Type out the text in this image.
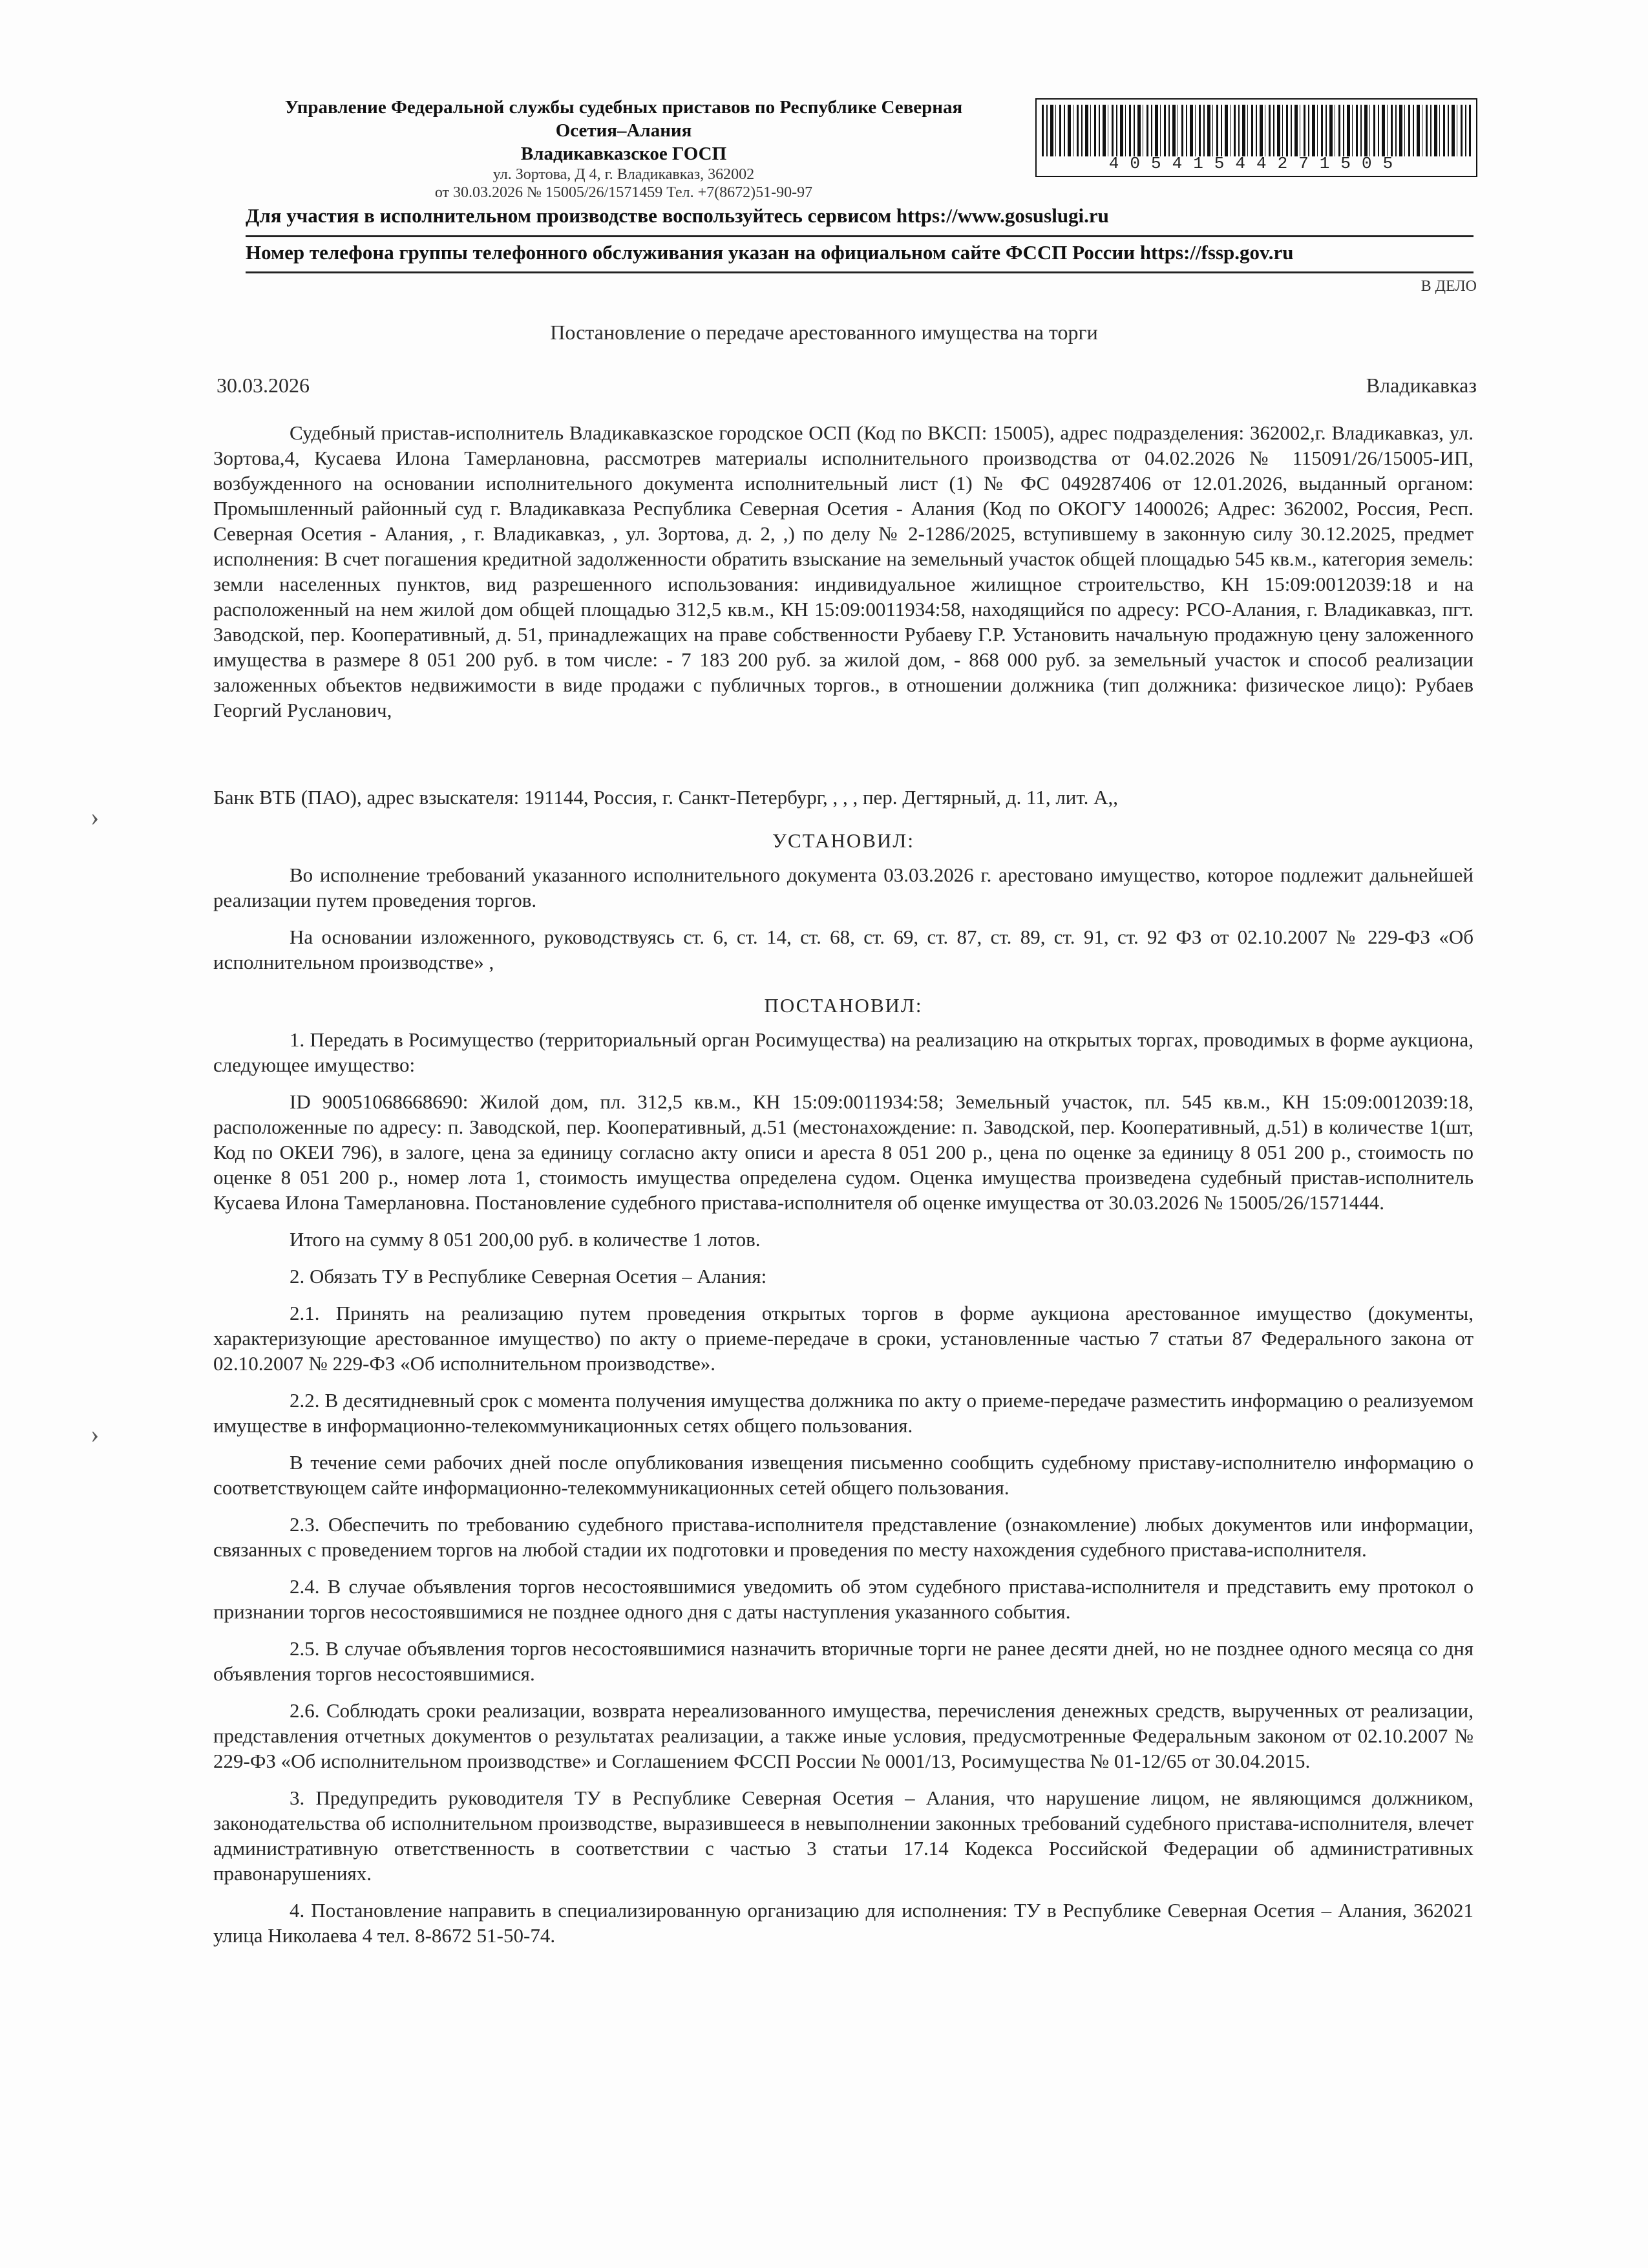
Управление Федеральной службы судебных приставов по Республике Северная
Осетия–Алания
Владикавказское ГОСП
ул. Зортова, Д 4, г. Владикавказ, 362002
от 30.03.2026 № 15005/26/1571459 Тел. +7(8672)51-90-97
40541544271505
Для участия в исполнительном производстве воспользуйтесь сервисом https://www.gosuslugi.ru
Номер телефона группы телефонного обслуживания указан на официальном сайте ФССП России https://fssp.gov.ru
В ДЕЛО
Постановление о передаче арестованного имущества на торги
30.03.2026	Владикавказ

Судебный пристав-исполнитель Владикавказское городское ОСП (Код по ВКСП: 15005), адрес подразделения: 362002,г. Владикавказ, ул. Зортова,4, Кусаева Илона Тамерлановна, рассмотрев материалы исполнительного производства от 04.02.2026 № 115091/26/15005-ИП, возбужденного на основании исполнительного документа исполнительный лист (1) № ФС 049287406 от 12.01.2026, выданный органом: Промышленный районный суд г. Владикавказа Республика Северная Осетия - Алания (Код по ОКОГУ 1400026; Адрес: 362002, Россия, Респ. Северная Осетия - Алания, , г. Владикавказ, , ул. Зортова, д. 2, ,) по делу № 2-1286/2025, вступившему в законную силу 30.12.2025, предмет исполнения: В счет погашения кредитной задолженности обратить взыскание на земельный участок общей площадью 545 кв.м., категория земель: земли населенных пунктов, вид разрешенного использования: индивидуальное жилищное строительство, КН 15:09:0012039:18 и на расположенный на нем жилой дом общей площадью 312,5 кв.м., КН 15:09:0011934:58, находящийся по адресу: РСО-Алания, г. Владикавказ, пгт. Заводской, пер. Кооперативный, д. 51, принадлежащих на праве собственности Рубаеву Г.Р. Установить начальную продажную цену заложенного имущества в размере 8 051 200 руб. в том числе: - 7 183 200 руб. за жилой дом, - 868 000 руб. за земельный участок и способ реализации заложенных объектов недвижимости в виде продажи с публичных торгов., в отношении должника (тип должника: физическое лицо): Рубаев Георгий Русланович,

Банк ВТБ (ПАО), адрес взыскателя: 191144, Россия, г. Санкт-Петербург, , , , пер. Дегтярный, д. 11, лит. А,,

УСТАНОВИЛ:

Во исполнение требований указанного исполнительного документа 03.03.2026 г. арестовано имущество, которое подлежит дальнейшей реализации путем проведения торгов.

На основании изложенного, руководствуясь ст. 6, ст. 14, ст. 68, ст. 69, ст. 87, ст. 89, ст. 91, ст. 92 ФЗ от 02.10.2007 № 229-ФЗ «Об исполнительном производстве» ,

ПОСТАНОВИЛ:

1. Передать в Росимущество (территориальный орган Росимущества) на реализацию на открытых торгах, проводимых в форме аукциона, следующее имущество:

ID 90051068668690: Жилой дом, пл. 312,5 кв.м., КН 15:09:0011934:58; Земельный участок, пл. 545 кв.м., КН 15:09:0012039:18, расположенные по адресу: п. Заводской, пер. Кооперативный, д.51 (местонахождение: п. Заводской, пер. Кооперативный, д.51) в количестве 1(шт, Код по ОКЕИ 796), в залоге, цена за единицу согласно акту описи и ареста 8 051 200 р., цена по оценке за единицу 8 051 200 р., стоимость по оценке 8 051 200 р., номер лота 1, стоимость имущества определена судом. Оценка имущества произведена судебный пристав-исполнитель Кусаева Илона Тамерлановна. Постановление судебного пристава-исполнителя об оценке имущества от 30.03.2026 № 15005/26/1571444.

Итого на сумму 8 051 200,00 руб. в количестве 1 лотов.

2. Обязать ТУ в Республике Северная Осетия – Алания:

2.1. Принять на реализацию путем проведения открытых торгов в форме аукциона арестованное имущество (документы, характеризующие арестованное имущество) по акту о приеме-передаче в сроки, установленные частью 7 статьи 87 Федерального закона от 02.10.2007 № 229-ФЗ «Об исполнительном производстве».

2.2. В десятидневный срок с момента получения имущества должника по акту о приеме-передаче разместить информацию о реализуемом имуществе в информационно-телекоммуникационных сетях общего пользования.

В течение семи рабочих дней после опубликования извещения письменно сообщить судебному приставу-исполнителю информацию о соответствующем сайте информационно-телекоммуникационных сетей общего пользования.

2.3. Обеспечить по требованию судебного пристава-исполнителя представление (ознакомление) любых документов или информации, связанных с проведением торгов на любой стадии их подготовки и проведения по месту нахождения судебного пристава-исполнителя.

2.4. В случае объявления торгов несостоявшимися уведомить об этом судебного пристава-исполнителя и представить ему протокол о признании торгов несостоявшимися не позднее одного дня с даты наступления указанного события.

2.5. В случае объявления торгов несостоявшимися назначить вторичные торги не ранее десяти дней, но не позднее одного месяца со дня объявления торгов несостоявшимися.

2.6. Соблюдать сроки реализации, возврата нереализованного имущества, перечисления денежных средств, вырученных от реализации, представления отчетных документов о результатах реализации, а также иные условия, предусмотренные Федеральным законом от 02.10.2007 № 229-ФЗ «Об исполнительном производстве» и Соглашением ФССП России № 0001/13, Росимущества № 01-12/65 от 30.04.2015.

3. Предупредить руководителя ТУ в Республике Северная Осетия – Алания, что нарушение лицом, не являющимся должником, законодательства об исполнительном производстве, выразившееся в невыполнении законных требований судебного пристава-исполнителя, влечет административную ответственность в соответствии с частью 3 статьи 17.14 Кодекса Российской Федерации об административных правонарушениях.

4. Постановление направить в специализированную организацию для исполнения: ТУ в Республике Северная Осетия – Алания, 362021 улица Николаева 4 тел. 8-8672 51-50-74.

›
›
